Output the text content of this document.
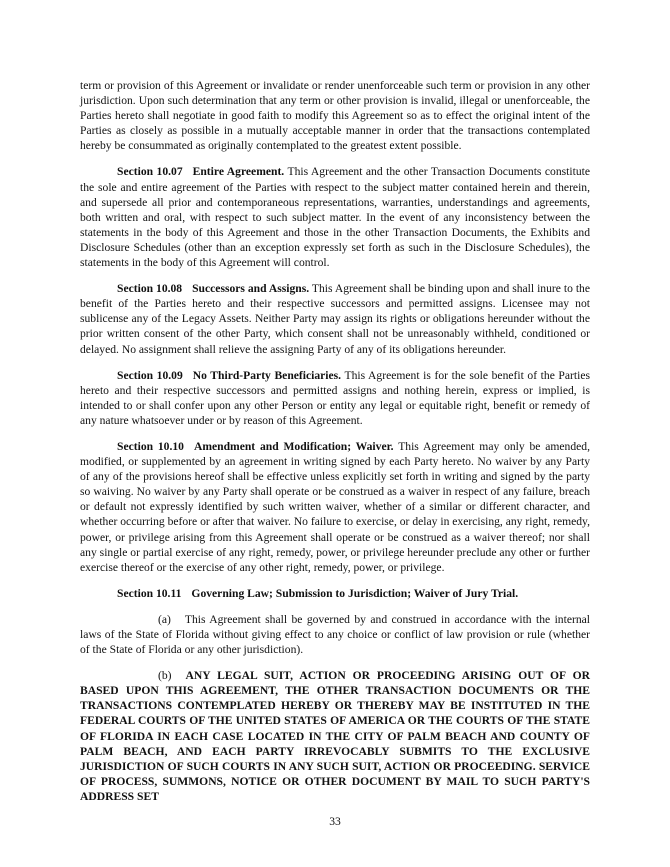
term or provision of this Agreement or invalidate or render unenforceable such term or provision in any other jurisdiction. Upon such determination that any term or other provision is invalid, illegal or unenforceable, the Parties hereto shall negotiate in good faith to modify this Agreement so as to effect the original intent of the Parties as closely as possible in a mutually acceptable manner in order that the transactions contemplated hereby be consummated as originally contemplated to the greatest extent possible.

Section 10.07 Entire Agreement. This Agreement and the other Transaction Documents constitute the sole and entire agreement of the Parties with respect to the subject matter contained herein and therein, and supersede all prior and contemporaneous representations, warranties, understandings and agreements, both written and oral, with respect to such subject matter. In the event of any inconsistency between the statements in the body of this Agreement and those in the other Transaction Documents, the Exhibits and Disclosure Schedules (other than an exception expressly set forth as such in the Disclosure Schedules), the statements in the body of this Agreement will control.

Section 10.08 Successors and Assigns. This Agreement shall be binding upon and shall inure to the benefit of the Parties hereto and their respective successors and permitted assigns. Licensee may not sublicense any of the Legacy Assets. Neither Party may assign its rights or obligations hereunder without the prior written consent of the other Party, which consent shall not be unreasonably withheld, conditioned or delayed. No assignment shall relieve the assigning Party of any of its obligations hereunder.

Section 10.09 No Third-Party Beneficiaries. This Agreement is for the sole benefit of the Parties hereto and their respective successors and permitted assigns and nothing herein, express or implied, is intended to or shall confer upon any other Person or entity any legal or equitable right, benefit or remedy of any nature whatsoever under or by reason of this Agreement.

Section 10.10 Amendment and Modification; Waiver. This Agreement may only be amended, modified, or supplemented by an agreement in writing signed by each Party hereto. No waiver by any Party of any of the provisions hereof shall be effective unless explicitly set forth in writing and signed by the party so waiving. No waiver by any Party shall operate or be construed as a waiver in respect of any failure, breach or default not expressly identified by such written waiver, whether of a similar or different character, and whether occurring before or after that waiver. No failure to exercise, or delay in exercising, any right, remedy, power, or privilege arising from this Agreement shall operate or be construed as a waiver thereof; nor shall any single or partial exercise of any right, remedy, power, or privilege hereunder preclude any other or further exercise thereof or the exercise of any other right, remedy, power, or privilege.

Section 10.11 Governing Law; Submission to Jurisdiction; Waiver of Jury Trial.

(a) This Agreement shall be governed by and construed in accordance with the internal laws of the State of Florida without giving effect to any choice or conflict of law provision or rule (whether of the State of Florida or any other jurisdiction).

(b) ANY LEGAL SUIT, ACTION OR PROCEEDING ARISING OUT OF OR BASED UPON THIS AGREEMENT, THE OTHER TRANSACTION DOCUMENTS OR THE TRANSACTIONS CONTEMPLATED HEREBY OR THEREBY MAY BE INSTITUTED IN THE FEDERAL COURTS OF THE UNITED STATES OF AMERICA OR THE COURTS OF THE STATE OF FLORIDA IN EACH CASE LOCATED IN THE CITY OF PALM BEACH AND COUNTY OF PALM BEACH, AND EACH PARTY IRREVOCABLY SUBMITS TO THE EXCLUSIVE JURISDICTION OF SUCH COURTS IN ANY SUCH SUIT, ACTION OR PROCEEDING. SERVICE OF PROCESS, SUMMONS, NOTICE OR OTHER DOCUMENT BY MAIL TO SUCH PARTY'S ADDRESS SET

33
